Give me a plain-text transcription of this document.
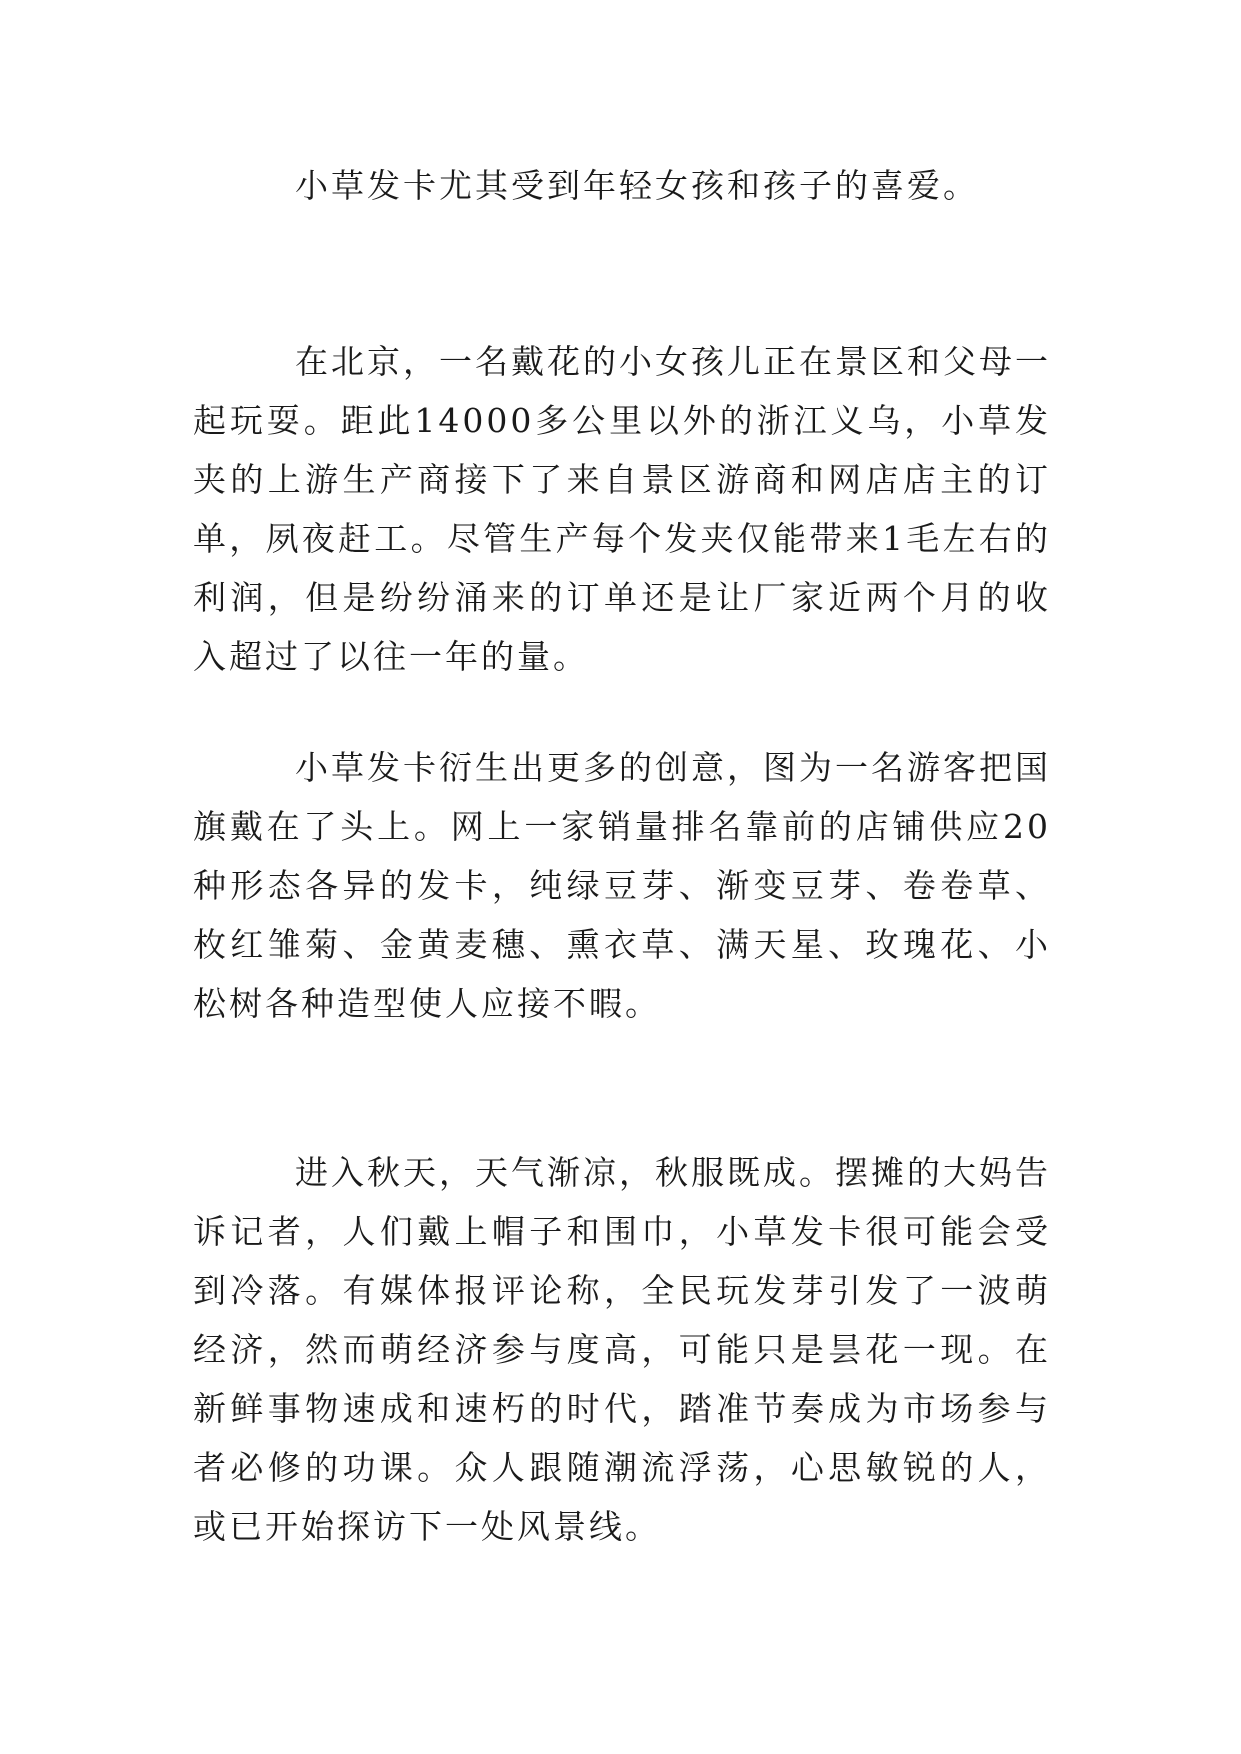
小草发卡尤其受到年轻女孩和孩子的喜爱。

在北京，一名戴花的小女孩儿正在景区和父母一起玩耍。距此14000多公里以外的浙江义乌，小草发夹的上游生产商接下了来自景区游商和网店店主的订单，夙夜赶工。尽管生产每个发夹仅能带来1毛左右的利润，但是纷纷涌来的订单还是让厂家近两个月的收入超过了以往一年的量。

小草发卡衍生出更多的创意，图为一名游客把国旗戴在了头上。网上一家销量排名靠前的店铺供应20种形态各异的发卡，纯绿豆芽、渐变豆芽、卷卷草、枚红雏菊、金黄麦穗、熏衣草、满天星、玫瑰花、小松树各种造型使人应接不暇。

进入秋天，天气渐凉，秋服既成。摆摊的大妈告诉记者，人们戴上帽子和围巾，小草发卡很可能会受到冷落。有媒体报评论称，全民玩发芽引发了一波萌经济，然而萌经济参与度高，可能只是昙花一现。在新鲜事物速成和速朽的时代，踏准节奏成为市场参与者必修的功课。众人跟随潮流浮荡，心思敏锐的人，或已开始探访下一处风景线。
